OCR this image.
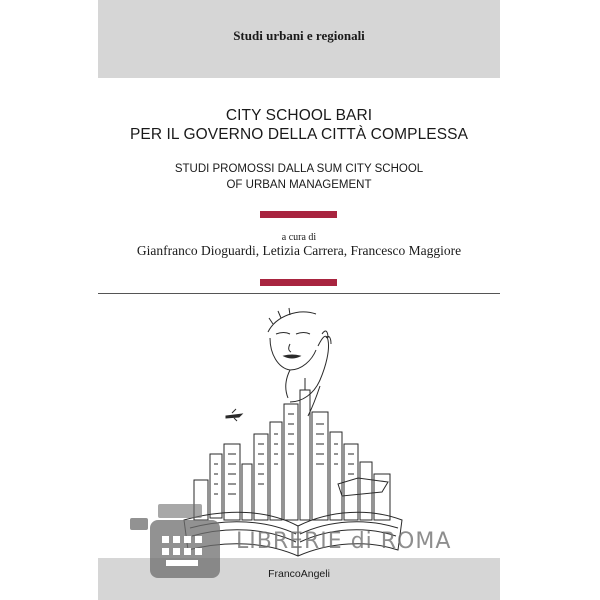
Studi urbani e regionali
CITY SCHOOL BARI
PER IL GOVERNO DELLA CITTÀ COMPLESSA
STUDI PROMOSSI DALLA SUM CITY SCHOOL
OF URBAN MANAGEMENT
a cura di
Gianfranco Dioguardi, Letizia Carrera, Francesco Maggiore
FrancoAngeli
LIBRERIE di ROMA
